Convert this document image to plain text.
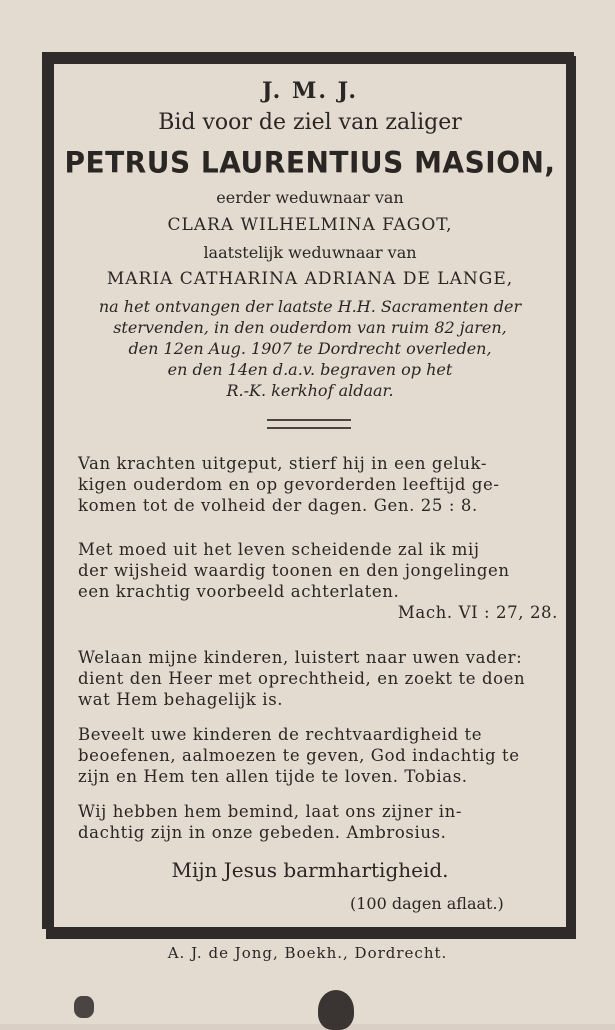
J. M. J.
Bid voor de ziel van zaliger
PETRUS LAURENTIUS MASION,
eerder weduwnaar van
CLARA WILHELMINA FAGOT,
laatstelijk weduwnaar van
MARIA CATHARINA ADRIANA DE LANGE,
na het ontvangen der laatste H.H. Sacramenten der
stervenden, in den ouderdom van ruim 82 jaren,
den 12en Aug. 1907 te Dordrecht overleden,
en den 14en d.a.v. begraven op het
R.-K. kerkhof aldaar.
Van krachten uitgeput, stierf hij in een geluk-
kigen ouderdom en op gevorderden leeftijd ge-
komen tot de volheid der dagen. Gen. 25 : 8.
Met moed uit het leven scheidende zal ik mij
der wijsheid waardig toonen en den jongelingen
een krachtig voorbeeld achterlaten.
Mach. VI : 27, 28.
Welaan mijne kinderen, luistert naar uwen vader:
dient den Heer met oprechtheid, en zoekt te doen
wat Hem behagelijk is.
Beveelt uwe kinderen de rechtvaardigheid te
beoefenen, aalmoezen te geven, God indachtig te
zijn en Hem ten allen tijde te loven. Tobias.
Wij hebben hem bemind, laat ons zijner in-
dachtig zijn in onze gebeden. Ambrosius.
Mijn Jesus barmhartigheid.
(100 dagen aflaat.)
A. J. de Jong, Boekh., Dordrecht.
